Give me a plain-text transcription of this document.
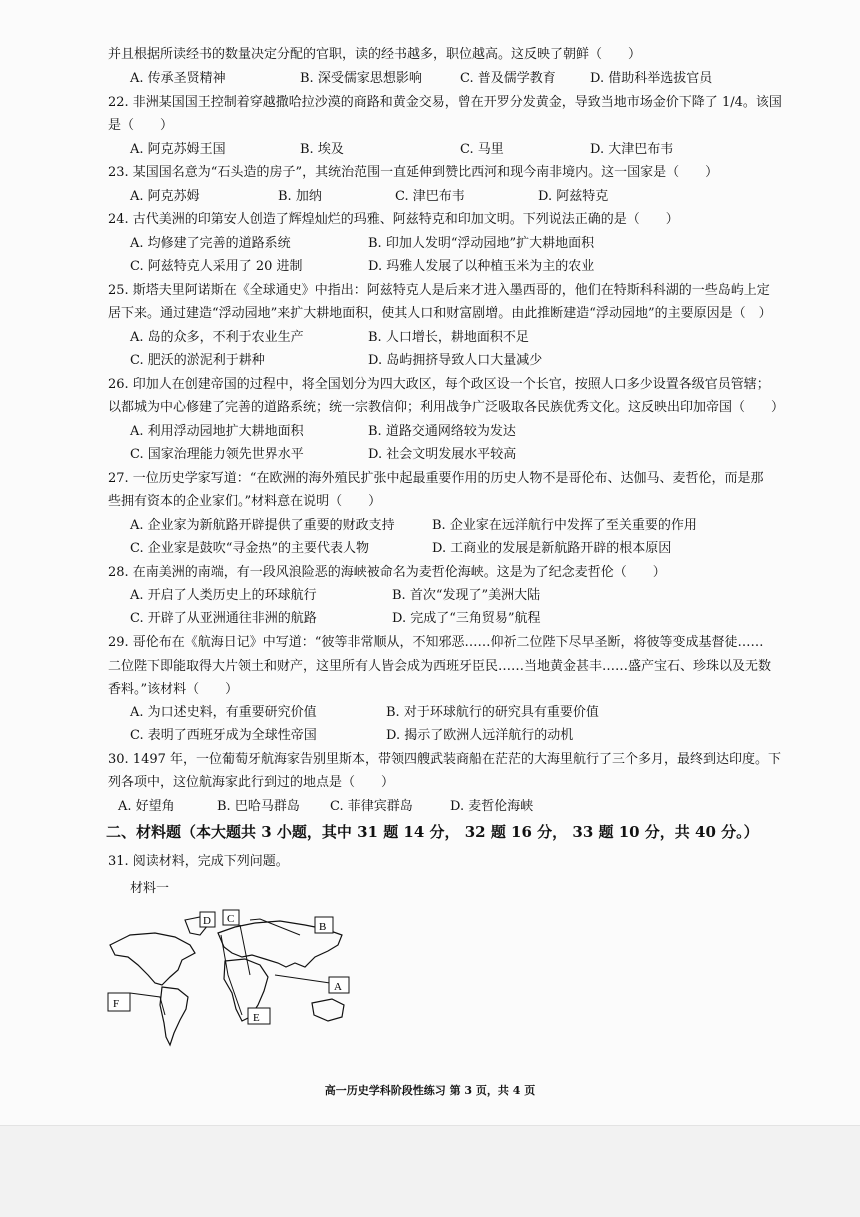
并且根据所读经书的数量决定分配的官职，读的经书越多，职位越高。这反映了朝鲜（　　）
A. 传承圣贤精神	B. 深受儒家思想影响	C. 普及儒学教育	D. 借助科举选拔官员
22. 非洲某国国王控制着穿越撒哈拉沙漠的商路和黄金交易，曾在开罗分发黄金，导致当地市场金价下降了 1/4。该国
是（　　）
A. 阿克苏姆王国	B. 埃及	C. 马里	D. 大津巴布韦
23. 某国国名意为“石头造的房子”，其统治范围一直延伸到赞比西河和现今南非境内。这一国家是（　　）
A. 阿克苏姆	B. 加纳	C. 津巴布韦	D. 阿兹特克
24. 古代美洲的印第安人创造了辉煌灿烂的玛雅、阿兹特克和印加文明。下列说法正确的是（　　）
A. 均修建了完善的道路系统	B. 印加人发明“浮动园地”扩大耕地面积
C. 阿兹特克人采用了 20 进制	D. 玛雅人发展了以种植玉米为主的农业
25. 斯塔夫里阿诺斯在《全球通史》中指出：阿兹特克人是后来才进入墨西哥的，他们在特斯科科湖的一些岛屿上定
居下来。通过建造“浮动园地”来扩大耕地面积，使其人口和财富剧增。由此推断建造“浮动园地”的主要原因是（　）
A. 岛的众多，不利于农业生产	B. 人口增长，耕地面积不足
C. 肥沃的淤泥利于耕种	D. 岛屿拥挤导致人口大量减少
26. 印加人在创建帝国的过程中，将全国划分为四大政区，每个政区设一个长官，按照人口多少设置各级官员管辖；
以都城为中心修建了完善的道路系统；统一宗教信仰；利用战争广泛吸取各民族优秀文化。这反映出印加帝国（　　）
A. 利用浮动园地扩大耕地面积	B. 道路交通网络较为发达
C. 国家治理能力领先世界水平	D. 社会文明发展水平较高
27. 一位历史学家写道：“在欧洲的海外殖民扩张中起最重要作用的历史人物不是哥伦布、达伽马、麦哲伦，而是那
些拥有资本的企业家们。”材料意在说明（　　）
A. 企业家为新航路开辟提供了重要的财政支持	B. 企业家在远洋航行中发挥了至关重要的作用
C. 企业家是鼓吹“寻金热”的主要代表人物	D. 工商业的发展是新航路开辟的根本原因
28. 在南美洲的南端，有一段风浪险恶的海峡被命名为麦哲伦海峡。这是为了纪念麦哲伦（　　）
A. 开启了人类历史上的环球航行	B. 首次“发现了”美洲大陆
C. 开辟了从亚洲通往非洲的航路	D. 完成了“三角贸易”航程
29. 哥伦布在《航海日记》中写道：“彼等非常顺从，不知邪恶……仰祈二位陛下尽早圣断，将彼等变成基督徒……
二位陛下即能取得大片领土和财产，这里所有人皆会成为西班牙臣民……当地黄金甚丰……盛产宝石、珍珠以及无数
香料。”该材料（　　）
A. 为口述史料，有重要研究价值	B. 对于环球航行的研究具有重要价值
C. 表明了西班牙成为全球性帝国	D. 揭示了欧洲人远洋航行的动机
30. 1497 年，一位葡萄牙航海家告别里斯本，带领四艘武装商船在茫茫的大海里航行了三个多月，最终到达印度。下
列各项中，这位航海家此行到过的地点是（　　）
A. 好望角	B. 巴哈马群岛 C. 菲律宾群岛	D. 麦哲伦海峡
二、材料题（本大题共 3 小题，其中 31 题 14 分， 32 题 16 分， 33 题 10 分，共 40 分。）
31. 阅读材料，完成下列问题。
材料一
D C
B
A
E
F
高一历史学科阶段性练习 第 3 页，共 4 页
